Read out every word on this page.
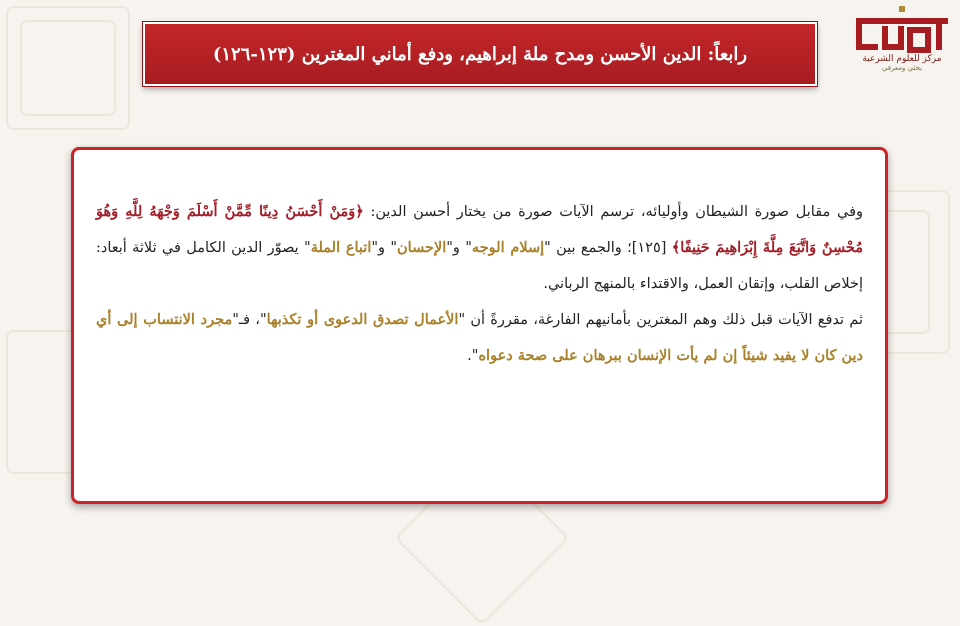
مركز للعلوم الشرعية
بحثي ومعرفي
رابعاً: الدين الأحسن ومدح ملة إبراهيم، ودفع أماني المغترين (١٢٣-١٢٦)

وفي مقابل صورة الشيطان وأوليائه، ترسم الآيات صورة من يختار أحسن الدين: ﴿وَمَنْ أَحْسَنُ دِينًا مِّمَّنْ أَسْلَمَ وَجْهَهُ لِلَّهِ وَهُوَ مُحْسِنٌ وَاتَّبَعَ مِلَّةَ إِبْرَاهِيمَ حَنِيفًا﴾ [١٢٥]؛ والجمع بين "إسلام الوجه" و"الإحسان" و"اتباع الملة" يصوّر الدين الكامل في ثلاثة أبعاد: إخلاص القلب، وإتقان العمل، والاقتداء بالمنهج الرباني.

ثم تدفع الآيات قبل ذلك وهم المغترين بأمانيهم الفارغة، مقررةً أن "الأعمال تصدق الدعوى أو تكذبها"، فـ"مجرد الانتساب إلى أي دين كان لا يفيد شيئاً إن لم يأت الإنسان ببرهان على صحة دعواه".
